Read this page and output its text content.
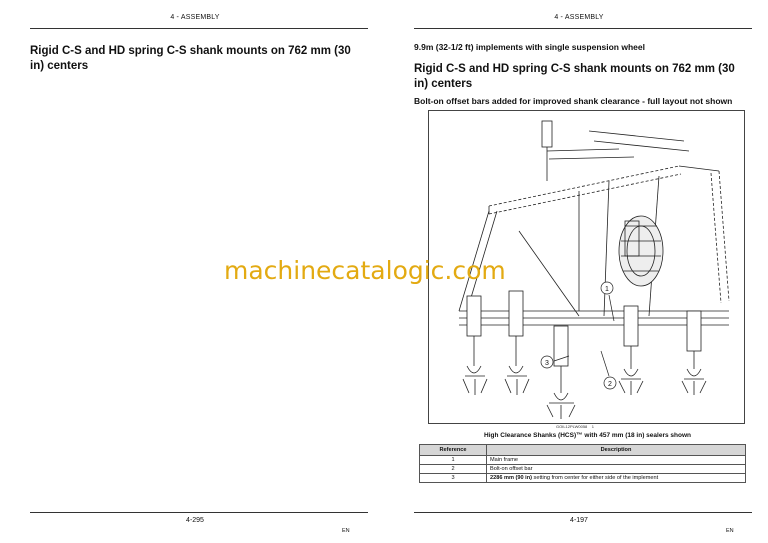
4 - ASSEMBLY
Rigid C-S and HD spring C-S shank mounts on 762 mm (30 in) centers
4-295
EN
4 - ASSEMBLY
9.9m (32-1/2 ft) implements with single suspension wheel
Rigid C-S and HD spring C-S shank mounts on 762 mm (30 in) centers
Bolt-on offset bars added for improved shank clearance - full layout not shown
4-197
EN
1
2
3
GOIL12PLW0058 1
High Clearance Shanks (HCS)™ with 457 mm (18 in) sealers shown
Reference	Description
1	Main frame
2	Bolt-on offset bar
3	2286 mm (90 in) setting from center for either side of the implement
machinecatalogic.com
